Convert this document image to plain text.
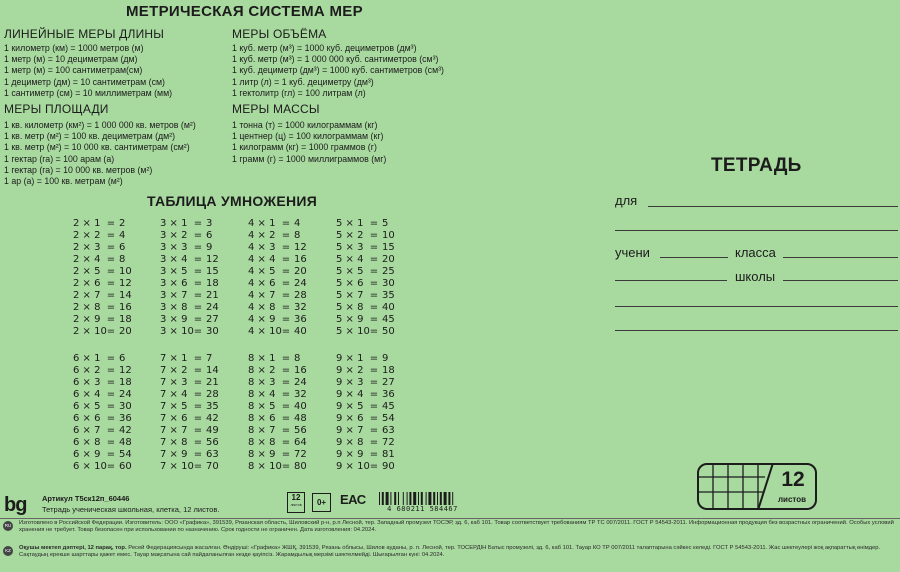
МЕТРИЧЕСКАЯ СИСТЕМА МЕР
ЛИНЕЙНЫЕ МЕРЫ ДЛИНЫ
1 километр (км) = 1000 метров (м)
1 метр (м) = 10 дециметрам (дм)
1 метр (м) = 100 сантиметрам(см)
1 дециметр (дм) = 10 сантиметрам (см)
1 сантиметр (см) = 10 миллиметрам (мм)
МЕРЫ ОБЪЁМА
1 куб. метр (м³) = 1000 куб. дециметров (дм³)
1 куб. метр (м³) = 1 000 000 куб. сантиметров (см³)
1 куб. дециметр (дм³) = 1000 куб. сантиметров (см³)
1 литр (л) = 1 куб. дециметру (дм³)
1 гектолитр (гл) = 100 литрам (л)
МЕРЫ ПЛОЩАДИ
1 кв. километр (км²) = 1 000 000 кв. метров (м²)
1 кв. метр (м²) = 100 кв. дециметрам (дм²)
1 кв. метр (м²) = 10 000 кв. сантиметрам (см²)
1 гектар (га) = 100 арам (а)
1 гектар (га) = 10 000 кв. метров (м²)
1 ар (а) = 100 кв. метрам (м²)
МЕРЫ МАССЫ
1 тонна (т) = 1000 килограммам (кг)
1 центнер (ц) = 100 килограммам (кг)
1 килограмм (кг) = 1000 граммов (г)
1 грамм (г) = 1000 миллиграммов (мг)
ТАБЛИЦА УМНОЖЕНИЯ
2 × 1 = 2
2 × 2 = 4
2 × 3 = 6
2 × 4 = 8
2 × 5 = 10
2 × 6 = 12
2 × 7 = 14
2 × 8 = 16
2 × 9 = 18
2 × 10= 20
3 × 1 = 3
3 × 2 = 6
3 × 3 = 9
3 × 4 = 12
3 × 5 = 15
3 × 6 = 18
3 × 7 = 21
3 × 8 = 24
3 × 9 = 27
3 × 10= 30
4 × 1 = 4
4 × 2 = 8
4 × 3 = 12
4 × 4 = 16
4 × 5 = 20
4 × 6 = 24
4 × 7 = 28
4 × 8 = 32
4 × 9 = 36
4 × 10= 40
5 × 1 = 5
5 × 2 = 10
5 × 3 = 15
5 × 4 = 20
5 × 5 = 25
5 × 6 = 30
5 × 7 = 35
5 × 8 = 40
5 × 9 = 45
5 × 10= 50
6 × 1 = 6
6 × 2 = 12
6 × 3 = 18
6 × 4 = 24
6 × 5 = 30
6 × 6 = 36
6 × 7 = 42
6 × 8 = 48
6 × 9 = 54
6 × 10= 60
7 × 1 = 7
7 × 2 = 14
7 × 3 = 21
7 × 4 = 28
7 × 5 = 35
7 × 6 = 42
7 × 7 = 49
7 × 8 = 56
7 × 9 = 63
7 × 10= 70
8 × 1 = 8
8 × 2 = 16
8 × 3 = 24
8 × 4 = 32
8 × 5 = 40
8 × 6 = 48
8 × 7 = 56
8 × 8 = 64
8 × 9 = 72
8 × 10= 80
9 × 1 = 9
9 × 2 = 18
9 × 3 = 27
9 × 4 = 36
9 × 5 = 45
9 × 6 = 54
9 × 7 = 63
9 × 8 = 72
9 × 9 = 81
9 × 10= 90
ТЕТРАДЬ
для
учени	класса
школы
12
листов
bg Артикул Т5ск12п_60446
Тетрадь ученическая школьная, клетка, 12 листов.
12
листов	0+	ЕАС
4 680211 584467
RU	Изготовлено в Российской Федерации. Изготовитель: ООО «Графика», 391539, Рязанская область, Шиловский р-н, р.п Лесной, тер. Западный промузел ТОСЭР, зд. 6, каб 101. Товар соответствует требованиям ТР ТС 007/2011. ГОСТ Р 54543-2011. Информационная продукция без возрастных ограничений. Особых условий хранения не требует. Товар безопасен при использовании по назначению. Срок годности не ограничен. Дата изготовления: 04.2024.
KZ	Оқушы мектеп дәптері, 12 парақ, тор. Ресей Федерациясында жасалған. Өндіруші: «Графика» ЖШҚ, 391539, Рязань облысы, Шилов ауданы, р. п. Лесной, тер. ТОСЕРДІН Батыс промузелі, зд. 6, каб 101. Тауар КО ТР 007/2011 талаптарына сәйкес келеді. ГОСТ Р 54543-2011. Жас шектеулері жоқ ақпараттық өнімдер. Сақтаудың ерекше шарттары қажет емес. Тауар мақсатына сай пайдаланылған кезде қауіпсіз. Жарамдылық мерзімі шектелмейді. Шығарылған күні: 04.2024.
